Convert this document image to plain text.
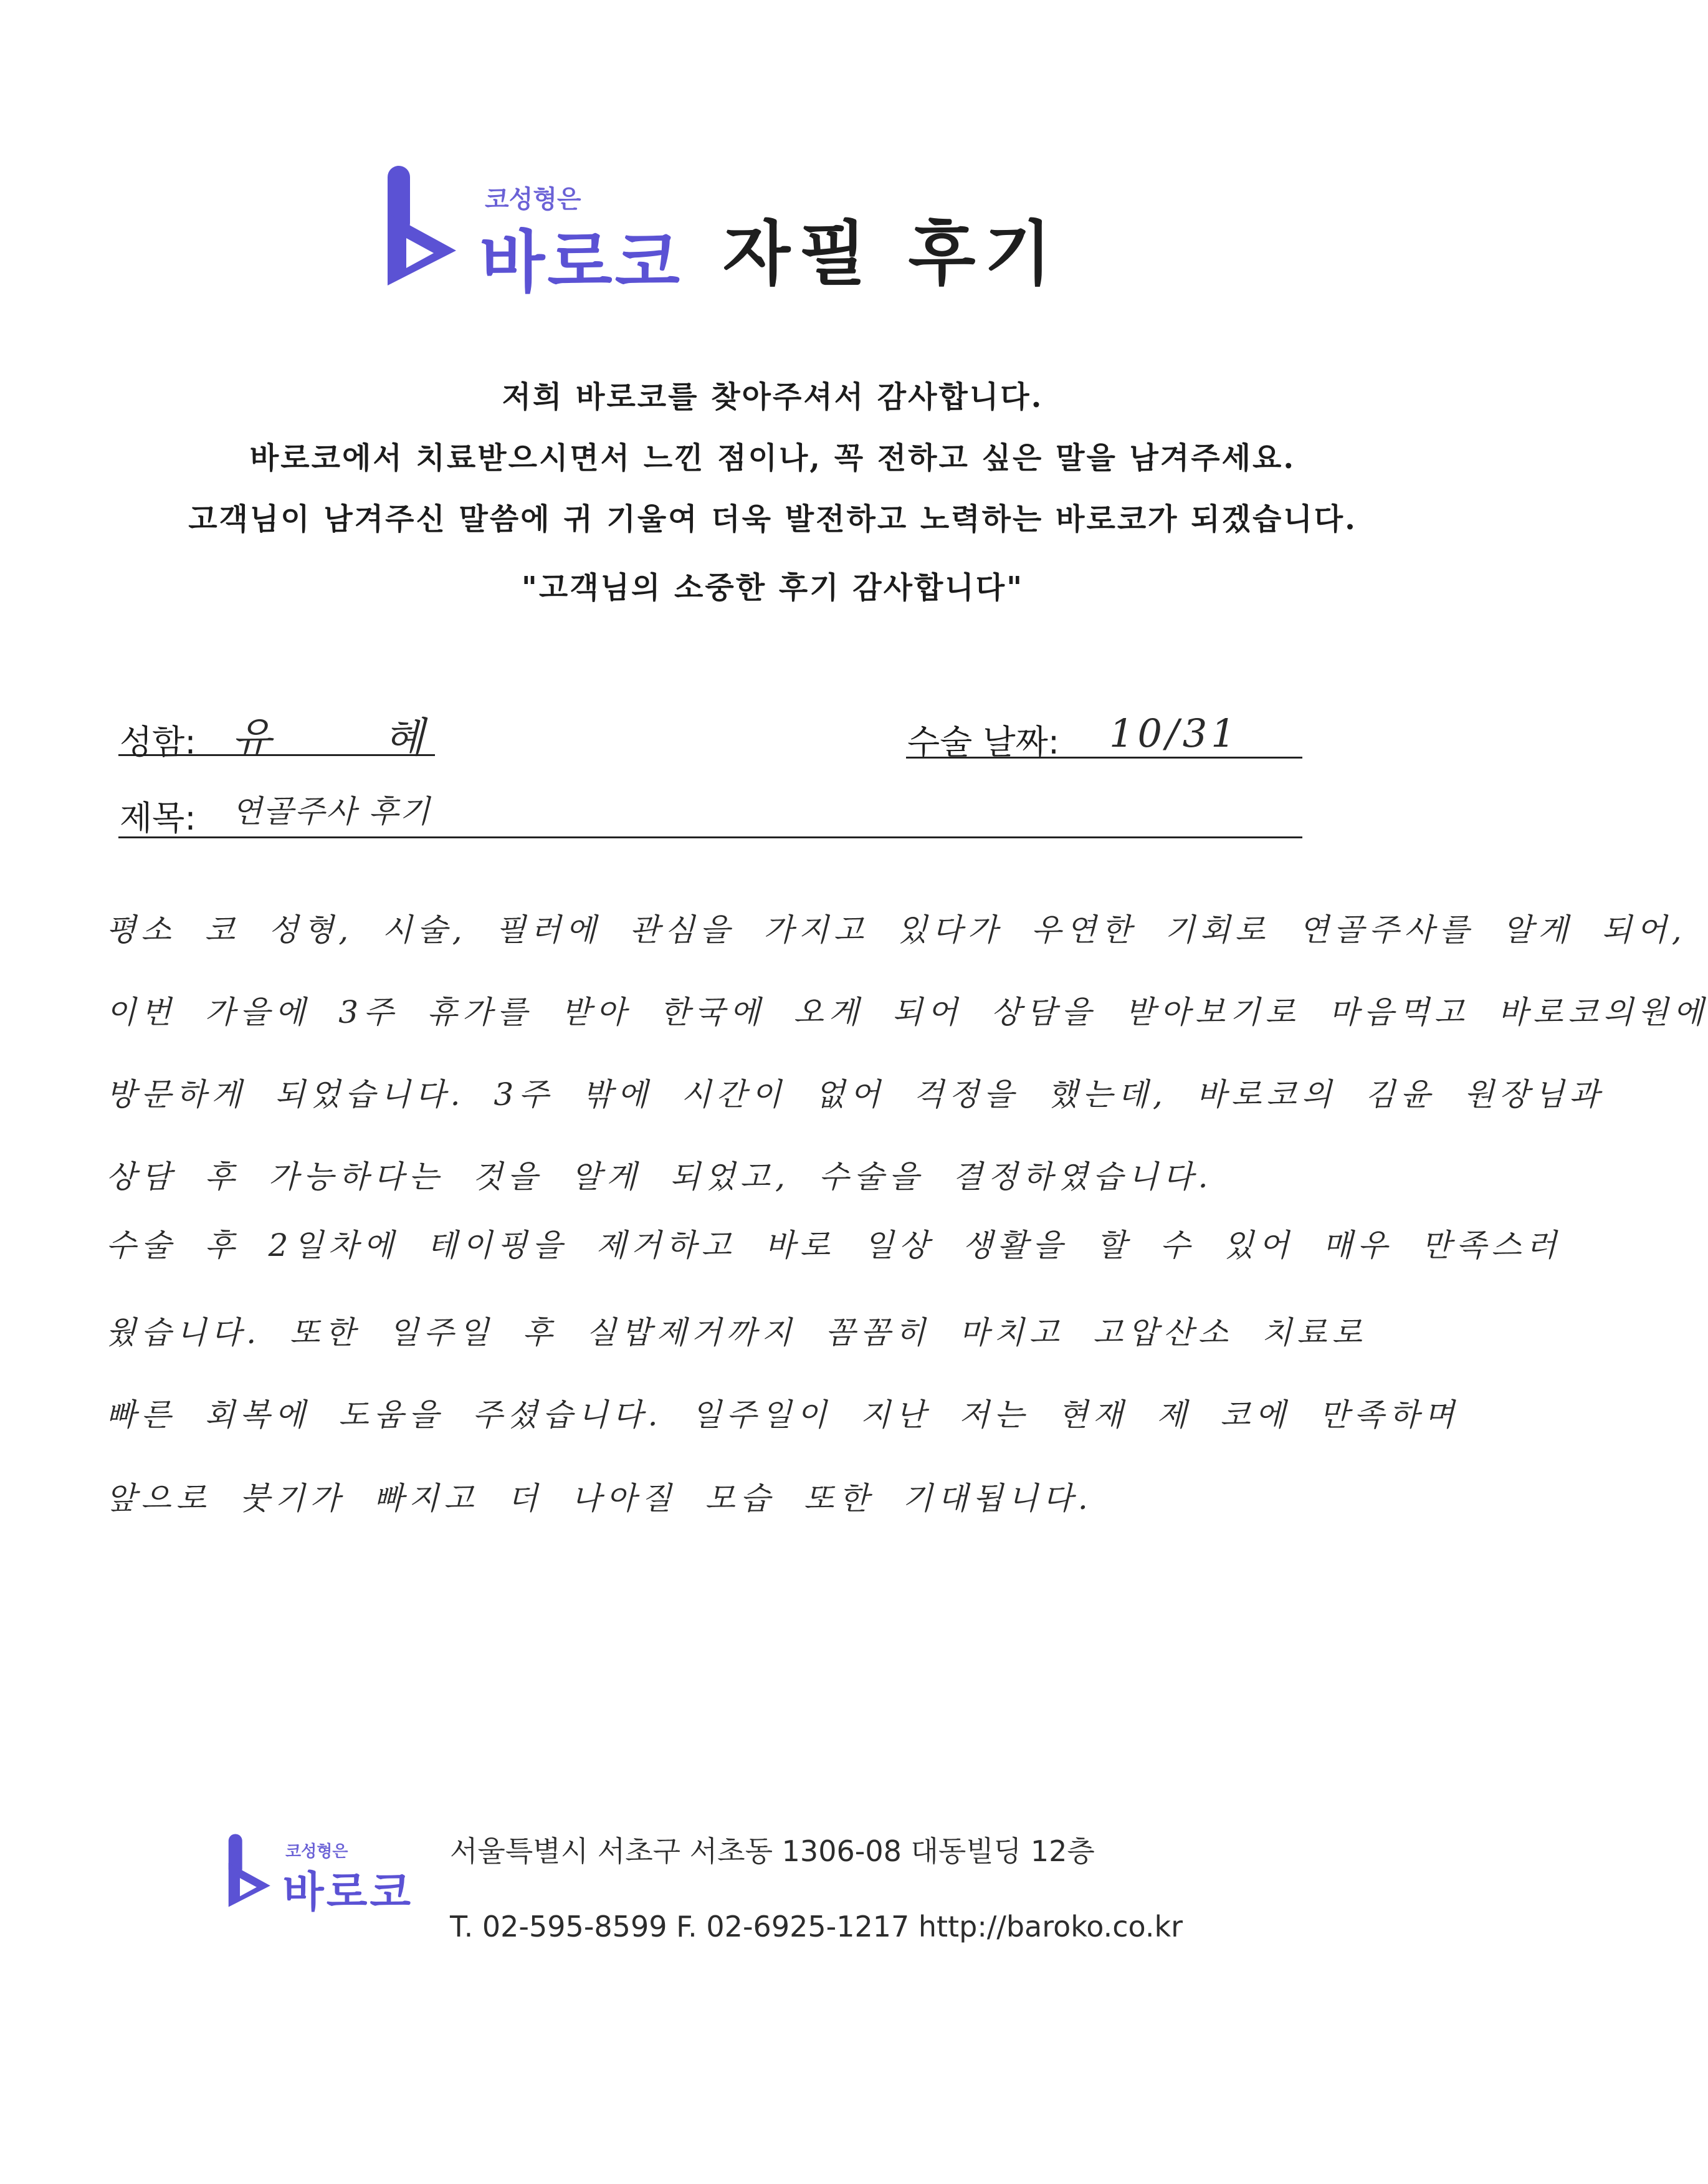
코성형은
바로코 자필 후기
저희 바로코를 찾아주셔서 감사합니다.
바로코에서 치료받으시면서 느낀 점이나, 꼭 전하고 싶은 말을 남겨주세요.
고객님이 남겨주신 말씀에 귀 기울여 더욱 발전하고 노력하는 바로코가 되겠습니다.
"고객님의 소중한 후기 감사합니다"
성함: 유 혜	수술 날짜: 10/31
제목: 연골주사 후기
평소 코 성형, 시술, 필러에 관심을 가지고 있다가 우연한 기회로 연골주사를 알게 되어,
이번 가을에 3주 휴가를 받아 한국에 오게 되어 상담을 받아보기로 마음먹고 바로코의원에
방문하게 되었습니다. 3주 밖에 시간이 없어 걱정을 했는데, 바로코의 김윤 원장님과
상담 후 가능하다는 것을 알게 되었고, 수술을 결정하였습니다.
수술 후 2일차에 테이핑을 제거하고 바로 일상 생활을 할 수 있어 매우 만족스러
웠습니다. 또한 일주일 후 실밥제거까지 꼼꼼히 마치고 고압산소 치료로
빠른 회복에 도움을 주셨습니다. 일주일이 지난 저는 현재 제 코에 만족하며
앞으로 붓기가 빠지고 더 나아질 모습 또한 기대됩니다.
코성형은
바로코
서울특별시 서초구 서초동 1306-08 대동빌딩 12층
T. 02-595-8599 F. 02-6925-1217 http://baroko.co.kr
